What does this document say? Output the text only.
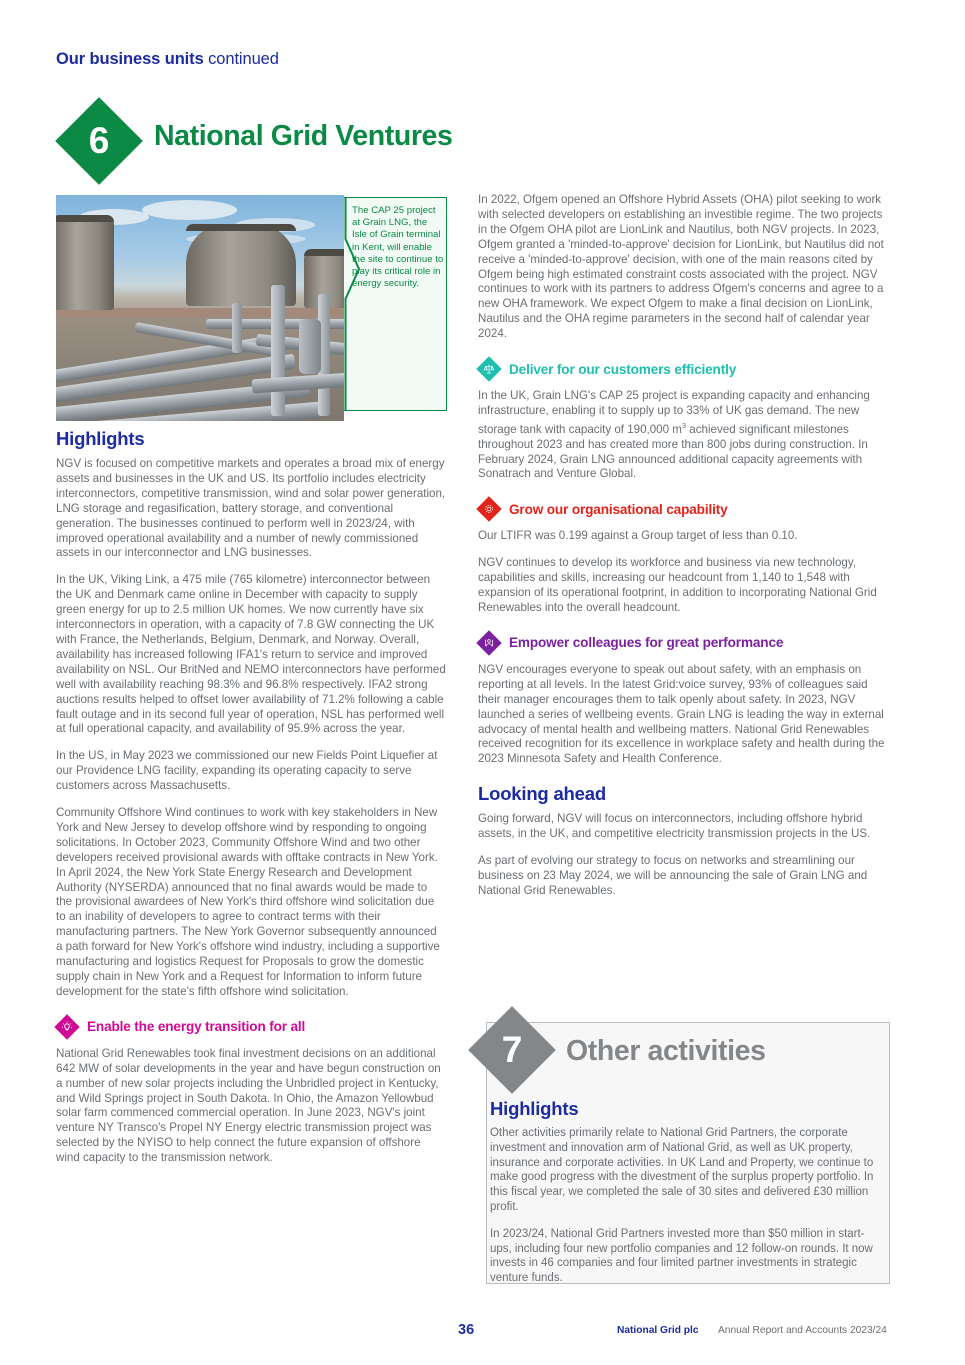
Our business units continued
6	National Grid Ventures
The CAP 25 project at Grain LNG, the Isle of Grain terminal in Kent, will enable the site to continue to play its critical role in energy security.
Highlights

NGV is focused on competitive markets and operates a broad mix of energy assets and businesses in the UK and US. Its portfolio includes electricity interconnectors, competitive transmission, wind and solar power generation, LNG storage and regasification, battery storage, and conventional generation. The businesses continued to perform well in 2023/24, with improved operational availability and a number of newly commissioned assets in our interconnector and LNG businesses.

In the UK, Viking Link, a 475 mile (765 kilometre) interconnector between the UK and Denmark came online in December with capacity to supply green energy for up to 2.5 million UK homes. We now currently have six interconnectors in operation, with a capacity of 7.8 GW connecting the UK with France, the Netherlands, Belgium, Denmark, and Norway. Overall, availability has increased following IFA1's return to service and improved availability on NSL. Our BritNed and NEMO interconnectors have performed well with availability reaching 98.3% and 96.8% respectively. IFA2 strong auctions results helped to offset lower availability of 71.2% following a cable fault outage and in its second full year of operation, NSL has performed well at full operational capacity, and availability of 95.9% across the year.

In the US, in May 2023 we commissioned our new Fields Point Liquefier at our Providence LNG facility, expanding its operating capacity to serve customers across Massachusetts.

Community Offshore Wind continues to work with key stakeholders in New York and New Jersey to develop offshore wind by responding to ongoing solicitations. In October 2023, Community Offshore Wind and two other developers received provisional awards with offtake contracts in New York. In April 2024, the New York State Energy Research and Development Authority (NYSERDA) announced that no final awards would be made to the provisional awardees of New York's third offshore wind solicitation due to an inability of developers to agree to contract terms with their manufacturing partners. The New York Governor subsequently announced a path forward for New York's offshore wind industry, including a supportive manufacturing and logistics Request for Proposals to grow the domestic supply chain in New York and a Request for Information to inform future development for the state's fifth offshore wind solicitation.

Enable the energy transition for all

National Grid Renewables took final investment decisions on an additional 642 MW of solar developments in the year and have begun construction on a number of new solar projects including the Unbridled project in Kentucky, and Wild Springs project in South Dakota. In Ohio, the Amazon Yellowbud solar farm commenced commercial operation. In June 2023, NGV's joint venture NY Transco's Propel NY Energy electric transmission project was selected by the NYISO to help connect the future expansion of offshore wind capacity to the transmission network.

In 2022, Ofgem opened an Offshore Hybrid Assets (OHA) pilot seeking to work with selected developers on establishing an investible regime. The two projects in the Ofgem OHA pilot are LionLink and Nautilus, both NGV projects. In 2023, Ofgem granted a 'minded-to-approve' decision for LionLink, but Nautilus did not receive a 'minded-to-approve' decision, with one of the main reasons cited by Ofgem being high estimated constraint costs associated with the project. NGV continues to work with its partners to address Ofgem's concerns and agree to a new OHA framework. We expect Ofgem to make a final decision on LionLink, Nautilus and the OHA regime parameters in the second half of calendar year 2024.

Deliver for our customers efficiently

In the UK, Grain LNG's CAP 25 project is expanding capacity and enhancing infrastructure, enabling it to supply up to 33% of UK gas demand. The new storage tank with capacity of 190,000 $m^3$ achieved significant milestones throughout 2023 and has created more than 800 jobs during construction. In February 2024, Grain LNG announced additional capacity agreements with Sonatrach and Venture Global.

Grow our organisational capability

Our LTIFR was 0.199 against a Group target of less than 0.10.

NGV continues to develop its workforce and business via new technology, capabilities and skills, increasing our headcount from 1,140 to 1,548 with expansion of its operational footprint, in addition to incorporating National Grid Renewables into the overall headcount.

Empower colleagues for great performance

NGV encourages everyone to speak out about safety, with an emphasis on reporting at all levels. In the latest Grid:voice survey, 93% of colleagues said their manager encourages them to talk openly about safety. In 2023, NGV launched a series of wellbeing events. Grain LNG is leading the way in external advocacy of mental health and wellbeing matters. National Grid Renewables received recognition for its excellence in workplace safety and health during the 2023 Minnesota Safety and Health Conference.

Looking ahead

Going forward, NGV will focus on interconnectors, including offshore hybrid assets, in the UK, and competitive electricity transmission projects in the US.

As part of evolving our strategy to focus on networks and streamlining our business on 23 May 2024, we will be announcing the sale of Grain LNG and National Grid Renewables.

7	Other activities
Highlights

Other activities primarily relate to National Grid Partners, the corporate investment and innovation arm of National Grid, as well as UK property, insurance and corporate activities. In UK Land and Property, we continue to make good progress with the divestment of the surplus property portfolio. In this fiscal year, we completed the sale of 30 sites and delivered £30 million profit.

In 2023/24, National Grid Partners invested more than $50 million in start-ups, including four new portfolio companies and 12 follow-on rounds. It now invests in 46 companies and four limited partner investments in strategic venture funds.

36	National Grid plc Annual Report and Accounts 2023/24
